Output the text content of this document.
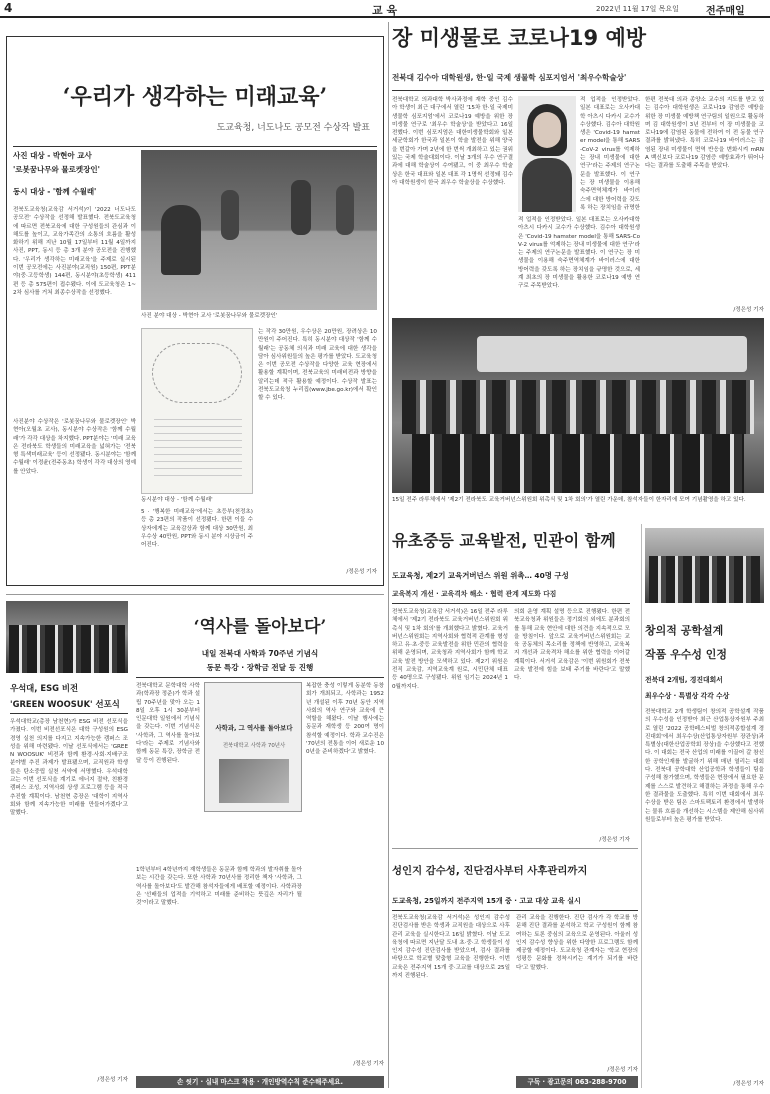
4	교 육	2022년 11월 17일 목요일	전주매일
‘우리가 생각하는 미래교육’
도교육청, 너도나도 공모전 수상작 발표
사진 대상 - 박현아 교사
'로봇꿈나무와 물로켓장인'
동시 대상 - '함께 수월래'
전북도교육청(교육감 서거석)이 '2022 너도나도 공모전' 수상작을 선정해 발표했다. 전북도교육청에 따르면 전북교육에 대한 구성원들의 관심과 이해도를 높이고, 교육가족간의 소통의 흐름을 활성화하기 위해 지난 10월 17일부터 11월 4일까지 사진, PPT, 동시 등 총 3개 분야 공모전을 진행했다. '우리가 생각하는 미래교육'을 주제로 실시된 이번 공모전에는 사진분야(교직원) 150편, PPT분야(중·고등학생) 144편, 동시분야(초등학생) 411편 등 총 575편이 접수됐다. 이에 도교육청은 1~2차 심사를 거쳐 최종수상작을 선정했다.
사진분야 수상작은 '로봇꿈나무와 물로켓장인' 박현아(오월초 교사), 동시분야 수상작은 '함께 수월래'가 각각 대상을 차지했다. PPT분야는 '미래 교육은 전라북도 학생들의 미래교육을 넓혀가는 '전북형 특색미래교육' 등이 선정됐다. 동시분야는 '함께 수월래' 이정윤(전주동초) 학생이 각각 대상의 영예를 안았다.
사진 분야 대상 - 박현아 교사 '로봇꿈나무와 물로켓장인'
동시분야 대상 - '함께 수월래'
5 · '행복한 미래교육'에서는 초등부(천정초) 등 총 23편의 작품이 선정됐다. 한편 이들 수상자에게는 교육감상과 함께 대상 30만원, 최우수상 40만원, PPT와 동시 분야 시상금이 주어진다.
는 작각 30만원, 우수상은 20만원, 장려상은 10만원이 주어진다. 특히 동시분야 대상작 '함께 수월래'는 공동체 의식과 미래 교육에 대한 생각을 담아 심사위원들의 높은 평가를 받았다. 도교육청은 이번 공모전 수상작을 다양한 교육 현장에서 활용할 계획이며, 전북교육의 미래비전과 방향을 알리는데 적극 활용할 예정이다. 수상작 발표는 전북도교육청 누리집(www.jbe.go.kr)에서 확인할 수 있다.
/정은성 기자
장 미생물로 코로나19 예방
전북대 김수아 대학원생, 한·일 국제 생물학 심포지엄서 '최우수학술상'
전북대학교 의과대학 박사과정에 재학 중인 김수아 학생이 최근 대구에서 열린 '15차 한·일 국제미생물학 심포지엄'에서 코로나19 예방을 위한 장 미생물 연구로 '최우수 학술상'을 받았다고 16일 전했다. 이번 심포지엄은 대한미생물학회와 일본세균학회가 한국과 일본이 학술 발전을 위해 양국을 번갈아 가며 2년에 한 번씩 개최하고 있는 권위 있는 국제 학술대회이다. 이날 3개의 우수 연구결과에 대해 학술상이 수여됐고, 이 중 최우수 학술상은 한국 대표와 일본 대표 각 1명씩 선정돼 김수아 대학원생이 한국 최우수 학술상을 수상했다.
적 업적을 인정받았다. 일본 대표로는 오사카대학 아츠시 다카시 교수가 수상했다. 김수아 대학원생은 'Covid-19 hamster model을 통해 SARS-CoV-2 virus를 억제하는 장내 미생물에 대한 연구'라는 주제의 연구논문을 발표했다. 이 연구는 장 미생물을 이용해 숙주면역체계가 바이러스에 대한 방어력을 갖도록 하는 장치임을 규명한
적 업적을 인정받았다. 일본 대표로는 오사카대학 아츠시 다카시 교수가 수상했다. 김수아 대학원생은 'Covid-19 hamster model을 통해 SARS-CoV-2 virus를 억제하는 장내 미생물에 대한 연구'라는 주제의 연구논문을 발표했다. 이 연구는 장 미생물을 이용해 숙주면역체계가 바이러스에 대한 방어력을 갖도록 하는 장치임을 규명한 것으로, 세계 최초의 장 미생물을 활용한 코로나19 예방 연구로 주목받았다.
한편 전북대 의과 종양소 교수의 지도를 받고 있는 김수아 대학원생은 코로나19 감염증 예방을 위한 장 미생물 예방책 연구팀의 일원으로 활동하며 김 대학원생이 3년 전부터 이 장 미생물을 코로나19에 감염된 동물에 전하여 이 전 동물 연구 결과를 밝혀냈다. 특히 코로나19 바이러스는 감염된 장내 미생물이 면역 반응을 변화시켜 mRNA 백신보다 코로나19 감염증 예방효과가 뛰어나다는 결과를 도출해 주목을 받았다.
/정은성 기자
15일 전주 라루체에서 '제2기 전라북도 교육거버넌스위원회 위촉식 및 1차 회의'가 열린 가운데, 참석자들이 한자리에 모여 기념촬영을 하고 있다.
유초중등 교육발전, 민관이 함께
도교육청, 제2기 교육거버넌스 위원 위촉… 40명 구성
교육복지 개선 · 교육격차 해소 · 협력 관계 제도화 다짐
전북도교육청(교육감 서거석)은 16일 전주 라루체에서 '제2기 전라북도 교육거버넌스위원회 위촉식 및 1차 회의'를 개최했다고 밝혔다. 교육거버넌스위원회는 지역사회와 협력적 관계를 형성하고 유·초·중등 교육발전을 위한 민관의 협력을 위해 운영되며, 교육청과 지역사회가 함께 학교 교육 발전 방안을 모색하고 있다. 제2기 위원은 전직 교육감, 지역교육계 원로, 시민단체 대표 등 40명으로 구성됐다. 위원 임기는 2024년 10월까지다.
의회 운영 계획 설명 등으로 진행됐다. 한편 전북교육청과 위원들은 정기회의 외에도 분과회의를 통해 교육 현안에 대한 의견을 지속적으로 모을 방침이다. 앞으로 교육거버넌스위원회는 교육 공동체의 목소리를 정책에 반영하고, 교육복지 개선과 교육격차 해소를 위한 협력을 이어갈 계획이다. 서거석 교육감은 '이번 위원회가 전북교육 발전에 힘을 보태 주기를 바란다'고 말했다.
/정은성 기자
창의적 공학설계
작품 우수성 인정
전북대 2개팀, 경진대회서
최우수상 · 특별상 각각 수상
전북대학교 2개 학생팀이 창의적 공학설계 작품의 우수성을 인정받아 최근 산업통상자원부 주최로 열린 '2022 공학페스티벌 창의적종합설계 경진대회'에서 최우수상(산업통상자원부 장관상)과 특별상(대한산업공학회 장상)을 수상했다고 전했다. 이 대회는 전국 산업의 미래를 이끌어 갈 참신한 공학인재를 발굴하기 위해 매년 열리는 대회다. 전북대 공학대학 산업공학과 학생들이 팀을 구성해 참가했으며, 학생들은 현장에서 필요한 문제를 스스로 발견하고 해결하는 과정을 통해 우수한 결과물을 도출했다. 특히 이번 대회에서 최우수상을 받은 팀은 스마트팩토리 환경에서 발생하는 물류 흐름을 개선하는 시스템을 제안해 심사위원들로부터 높은 평가를 받았다.
/정은성 기자
우석대, ESG 비전
'GREEN WOOSUK' 선포식
우석대학교(총장 남천현)가 ESG 비전 선포식을 가졌다. 이번 비전선포식은 대학 구성원의 ESG 경영 실천 의지를 다지고 지속가능한 캠퍼스 조성을 위해 마련됐다. 이날 선포식에서는 'GREEN WOOSUK' 비전과 함께 환경·사회·지배구조 분야별 추진 과제가 발표됐으며, 교직원과 학생들은 탄소중립 실천 서약에 서명했다. 우석대학교는 이번 선포식을 계기로 에너지 절약, 친환경 캠퍼스 조성, 지역사회 상생 프로그램 등을 적극 추진할 계획이다. 남천현 총장은 '대학이 지역사회와 함께 지속가능한 미래를 만들어가겠다'고 말했다.
/정은성 기자
‘역사를 돌아보다’
내일 전북대 사학과 70주년 기념식
동문 특강 · 장학금 전달 등 진행
전북대학교 문학대학 사학과(학과장 정준)가 학과 설립 70주년을 맞아 오는 18일 오후 1시 30분부터 인문대학 일원에서 기념식을 갖는다. 이번 기념식은 '사학과, 그 역사를 돌아보다'라는 주제로 기념사와 함께 동문 특강, 장학금 전달 등이 진행된다.
사학과, 그 역사를 돌아보다
전북대학교 사학과 70년사
1학년부터 4학년까지 재학생들은 동문과 함께 학과의 발자취를 돌아보는 시간을 갖는다. 또한 사학과 70년사를 정리한 책자 '사학과, 그 역사를 돌아보다'도 발간해 참석자들에게 배포할 예정이다. 사학과장은 '선배들의 업적을 기억하고 미래를 준비하는 뜻깊은 자리가 될 것'이라고 말했다.
복잡한 충성 이렇게 동분학 동창회가 개최되고, 사학과는 1952년 개설된 이후 70년 동안 지역사회의 역사 연구와 교육에 큰 역할을 해왔다. 이날 행사에는 동문과 재학생 등 200여 명이 참석할 예정이다. 학과 교수진은 '70년의 전통을 이어 새로운 100년을 준비하겠다'고 밝혔다.
/정은성 기자
성인지 감수성, 진단검사부터 사후관리까지
도교육청, 25일까지 전주지역 15개 중 · 고교 대상 교육 실시
전북도교육청(교육감 서거석)은 성인지 감수성 진단검사를 받은 학생과 교직원을 대상으로 사후관리 교육을 실시한다고 16일 밝혔다. 이날 도교육청에 따르면 지난달 도내 초·중·고 학생들이 성인지 감수성 진단검사를 받았으며, 검사 결과를 바탕으로 학교별 맞춤형 교육을 진행한다. 이번 교육은 전주지역 15개 중·고교를 대상으로 25일까지 진행된다.
관리 교육을 진행한다. 진단 검사가 각 학교를 방문해 진단 결과를 분석하고 학교 구성원이 함께 참여하는 토론 중심의 교육으로 운영된다. 아울러 성인지 감수성 향상을 위한 다양한 프로그램도 함께 제공할 예정이다. 도교육청 관계자는 '학교 현장의 성평등 문화를 정착시키는 계기가 되기를 바란다'고 말했다.
/정은성 기자
손 씻기 · 실내 마스크 착용 · 개인방역수칙 준수해주세요.	구독 · 광고문의 063-288-9700
